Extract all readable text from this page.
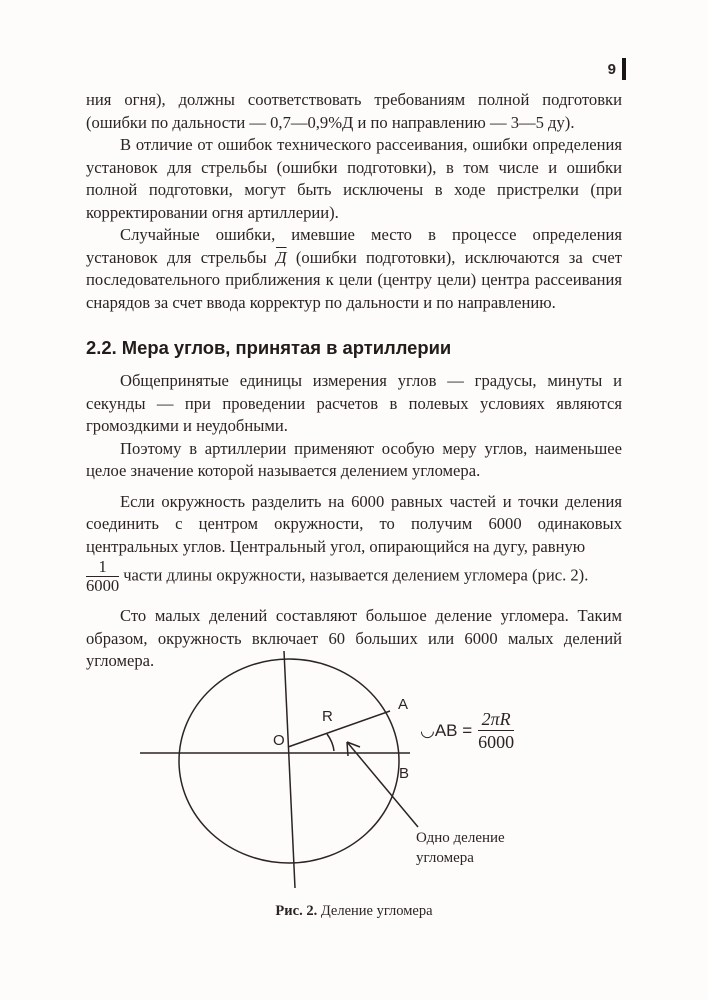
9

ния огня), должны соответствовать требованиям полной подготовки (ошибки по дальности — 0,7—0,9%Д и по направлению — 3—5 ду).

В отличие от ошибок технического рассеивания, ошибки определения установок для стрельбы (ошибки подготовки), в том числе и ошибки полной подготовки, могут быть исключены в ходе пристрелки (при корректировании огня артиллерии).

Случайные ошибки, имевшие место в процессе определения установок для стрельбы Д (ошибки подготовки), исключаются за счет последовательного приближения к цели (центру цели) центра рассеивания снарядов за счет ввода корректур по дальности и по направлению.

2.2. Мера углов, принятая в артиллерии

Общепринятые единицы измерения углов — градусы, минуты и секунды — при проведении расчетов в полевых условиях являются громоздкими и неудобными.

Поэтому в артиллерии применяют особую меру углов, наименьшее целое значение которой называется делением угломера.

Если окружность разделить на 6000 равных частей и точки деления соединить с центром окружности, то получим 6000 одинаковых центральных углов. Центральный угол, опирающийся на дугу, равную

$\frac{1}{6000}$ части длины окружности, называется делением угломера (рис. 2).

Сто малых делений составляют большое деление угломера. Таким образом, окружность включает 60 больших или 6000 малых делений угломера.

O
R
A
B
◡AB = $\frac{2\pi R}{6000}$
Одно деление
угломера
Рис. 2. Деление угломера
